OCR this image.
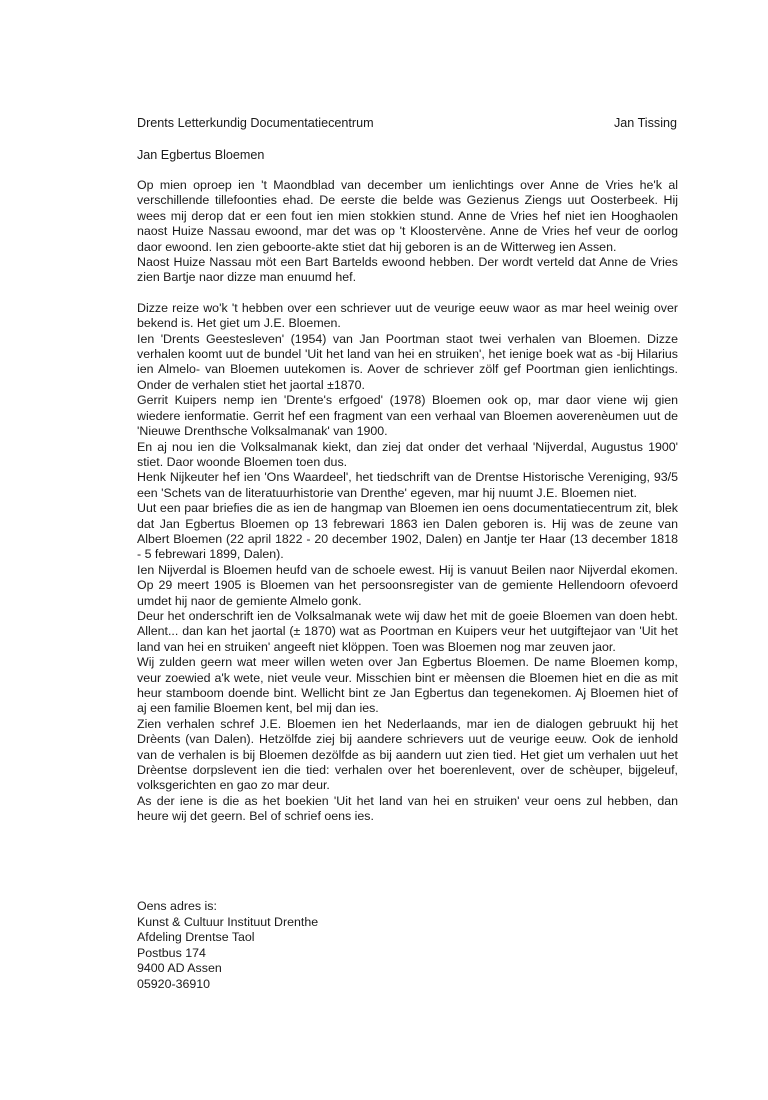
Drents Letterkundig Documentatiecentrum	Jan Tissing
Jan Egbertus Bloemen

Op mien oproep ien 't Maondblad van december um ienlichtings over Anne de Vries he'k al verschillende tillefoonties ehad. De eerste die belde was Gezienus Ziengs uut Oosterbeek. Hij wees mij derop dat er een fout ien mien stokkien stund. Anne de Vries hef niet ien Hooghaolen naost Huize Nassau ewoond, mar det was op 't Kloostervène. Anne de Vries hef veur de oorlog daor ewoond. Ien zien geboorte-akte stiet dat hij geboren is an de Witterweg ien Assen.

Naost Huize Nassau möt een Bart Bartelds ewoond hebben. Der wordt verteld dat Anne de Vries zien Bartje naor dizze man enuumd hef.

Dizze reize wo'k 't hebben over een schriever uut de veurige eeuw waor as mar heel weinig over bekend is. Het giet um J.E. Bloemen.

Ien 'Drents Geestesleven' (1954) van Jan Poortman staot twei verhalen van Bloemen. Dizze verhalen koomt uut de bundel 'Uit het land van hei en struiken', het ienige boek wat as -bij Hilarius ien Almelo- van Bloemen uutekomen is. Aover de schriever zölf gef Poortman gien ienlichtings. Onder de verhalen stiet het jaortal ±1870.

Gerrit Kuipers nemp ien 'Drente's erfgoed' (1978) Bloemen ook op, mar daor viene wij gien wiedere ienformatie. Gerrit hef een fragment van een verhaal van Bloemen aoverenèumen uut de 'Nieuwe Drenthsche Volksalmanak' van 1900.

En aj nou ien die Volksalmanak kiekt, dan ziej dat onder det verhaal 'Nijverdal, Augustus 1900' stiet. Daor woonde Bloemen toen dus.

Henk Nijkeuter hef ien 'Ons Waardeel', het tiedschrift van de Drentse Historische Vereniging, 93/5 een 'Schets van de literatuurhistorie van Drenthe' egeven, mar hij nuumt J.E. Bloemen niet.

Uut een paar briefies die as ien de hangmap van Bloemen ien oens documentatiecentrum zit, blek dat Jan Egbertus Bloemen op 13 febrewari 1863 ien Dalen geboren is. Hij was de zeune van Albert Bloemen (22 april 1822 - 20 december 1902, Dalen) en Jantje ter Haar (13 december 1818 - 5 febrewari 1899, Dalen).

Ien Nijverdal is Bloemen heufd van de schoele ewest. Hij is vanuut Beilen naor Nijverdal ekomen. Op 29 meert 1905 is Bloemen van het persoonsregister van de gemiente Hellendoorn ofevoerd umdet hij naor de gemiente Almelo gonk.

Deur het onderschrift ien de Volksalmanak wete wij daw het mit de goeie Bloemen van doen hebt. Allent... dan kan het jaortal (± 1870) wat as Poortman en Kuipers veur het uutgiftejaor van 'Uit het land van hei en struiken' angeeft niet klöppen. Toen was Bloemen nog mar zeuven jaor.

Wij zulden geern wat meer willen weten over Jan Egbertus Bloemen. De name Bloemen komp, veur zoewied a'k wete, niet veule veur. Misschien bint er mèensen die Bloemen hiet en die as mit heur stamboom doende bint. Wellicht bint ze Jan Egbertus dan tegenekomen. Aj Bloemen hiet of aj een familie Bloemen kent, bel mij dan ies.

Zien verhalen schref J.E. Bloemen ien het Nederlaands, mar ien de dialogen gebruukt hij het Drèents (van Dalen). Hetzölfde ziej bij aandere schrievers uut de veurige eeuw. Ook de ienhold van de verhalen is bij Bloemen dezölfde as bij aandern uut zien tied. Het giet um verhalen uut het Drèentse dorpslevent ien die tied: verhalen over het boerenlevent, over de schèuper, bijgeleuf, volksgerichten en gao zo mar deur.

As der iene is die as het boekien 'Uit het land van hei en struiken' veur oens zul hebben, dan heure wij det geern. Bel of schrief oens ies.

Oens adres is:
Kunst & Cultuur Instituut Drenthe
Afdeling Drentse Taol
Postbus 174
9400 AD Assen
05920-36910
